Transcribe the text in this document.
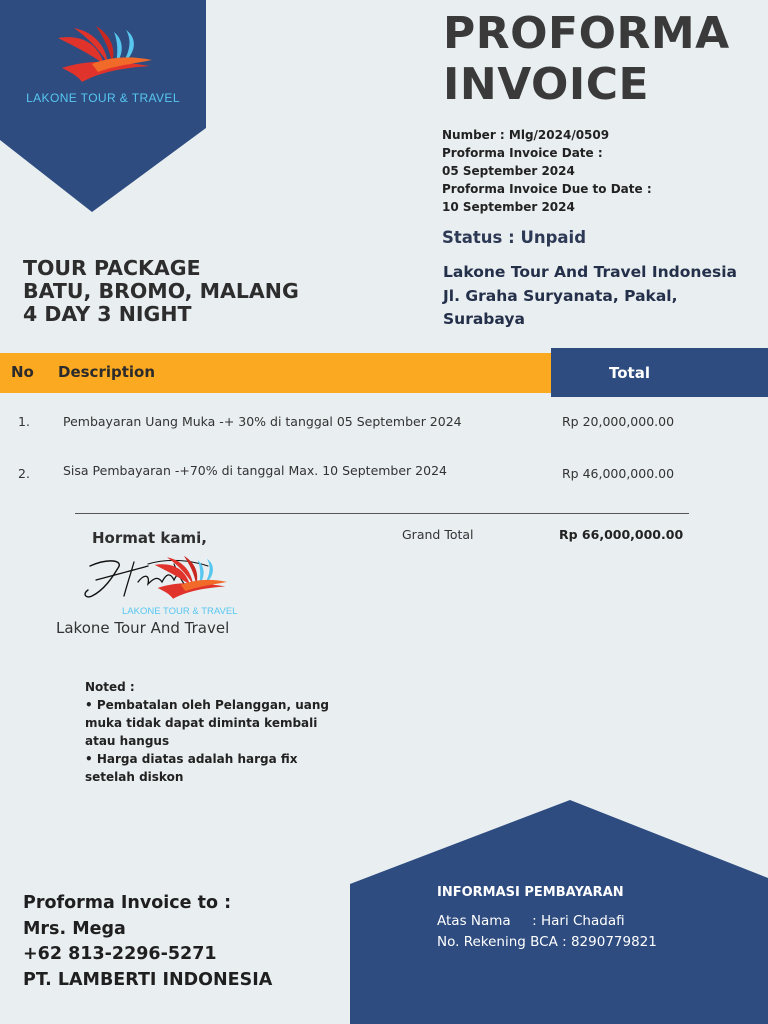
LAKONE TOUR & TRAVEL
PROFORMA
INVOICE
Number : Mlg/2024/0509
Proforma Invoice Date :
05 September 2024
Proforma Invoice Due to Date :
10 September 2024
Status : Unpaid
Lakone Tour And Travel Indonesia
Jl. Graha Suryanata, Pakal,
Surabaya
TOUR PACKAGE
BATU, BROMO, MALANG
4 DAY 3 NIGHT
No Description	Total
1.	Pembayaran Uang Muka -+ 30% di tanggal 05 September 2024	Rp 20,000,000.00
2.	Sisa Pembayaran -+70% di tanggal Max. 10 September 2024	Rp 46,000,000.00
Grand Total	Rp 66,000,000.00
Hormat kami,
LAKONE TOUR & TRAVEL
Lakone Tour And Travel
Noted :
• Pembatalan oleh Pelanggan, uang
muka tidak dapat diminta kembali
atau hangus
• Harga diatas adalah harga fix
setelah diskon
Proforma Invoice to :
Mrs. Mega
+62 813-2296-5271
PT. LAMBERTI INDONESIA
INFORMASI PEMBAYARAN
Atas Nama     : Hari Chadafi
No. Rekening BCA : 8290779821
